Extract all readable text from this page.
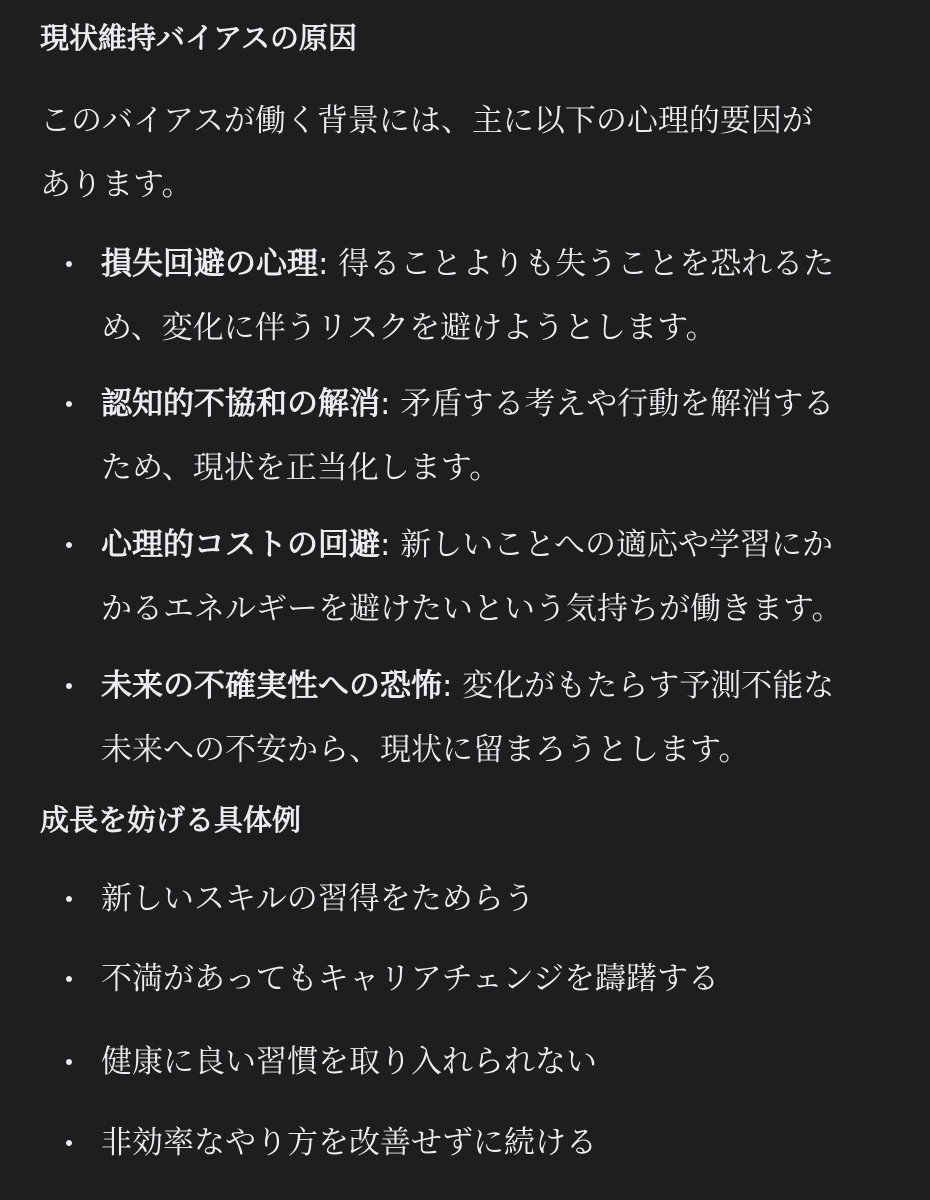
現状維持バイアスの原因

このバイアスが働く背景には、主に以下の心理的要因が
あります。

損失回避の心理: 得ることよりも失うことを恐れるた
め、変化に伴うリスクを避けようとします。
認知的不協和の解消: 矛盾する考えや行動を解消する
ため、現状を正当化します。
心理的コストの回避: 新しいことへの適応や学習にか
かるエネルギーを避けたいという気持ちが働きます。
未来の不確実性への恐怖: 変化がもたらす予測不能な
未来への不安から、現状に留まろうとします。
成長を妨げる具体例
新しいスキルの習得をためらう
不満があってもキャリアチェンジを躊躇する
健康に良い習慣を取り入れられない
非効率なやり方を改善せずに続ける
